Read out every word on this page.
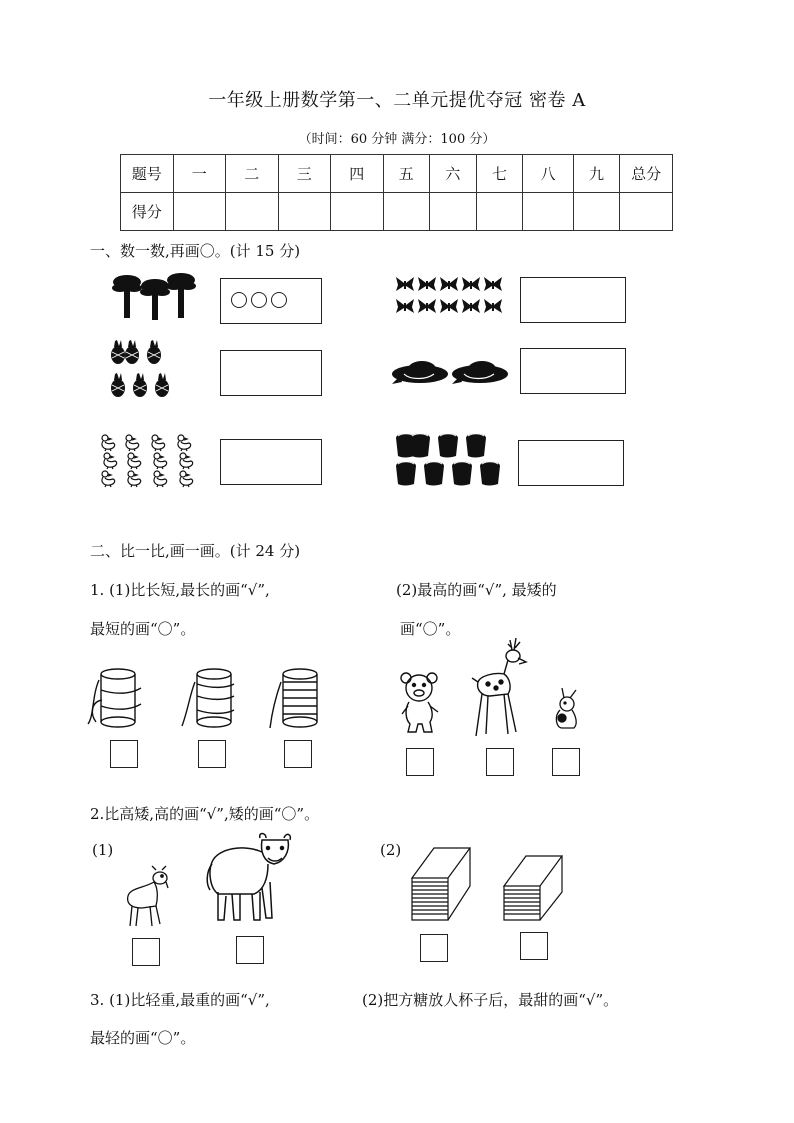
一年级上册数学第一、二单元提优夺冠 密卷 A
（时间：60 分钟 满分：100 分）
题号	一	二	三	四	五	六	七	八	九	总分
得分										
一、数一数,再画〇。(计 15 分)
二、比一比,画一画。(计 24 分)
1. (1)比长短,最长的画“√”,
最短的画“〇”。
(2)最高的画“√”, 最矮的
画“〇”。
2.比高矮,高的画“√”,矮的画“〇”。
(1)	(2)
3. (1)比轻重,最重的画“√”,
最轻的画“〇”。
(2)把方糖放人杯子后，最甜的画“√”。
